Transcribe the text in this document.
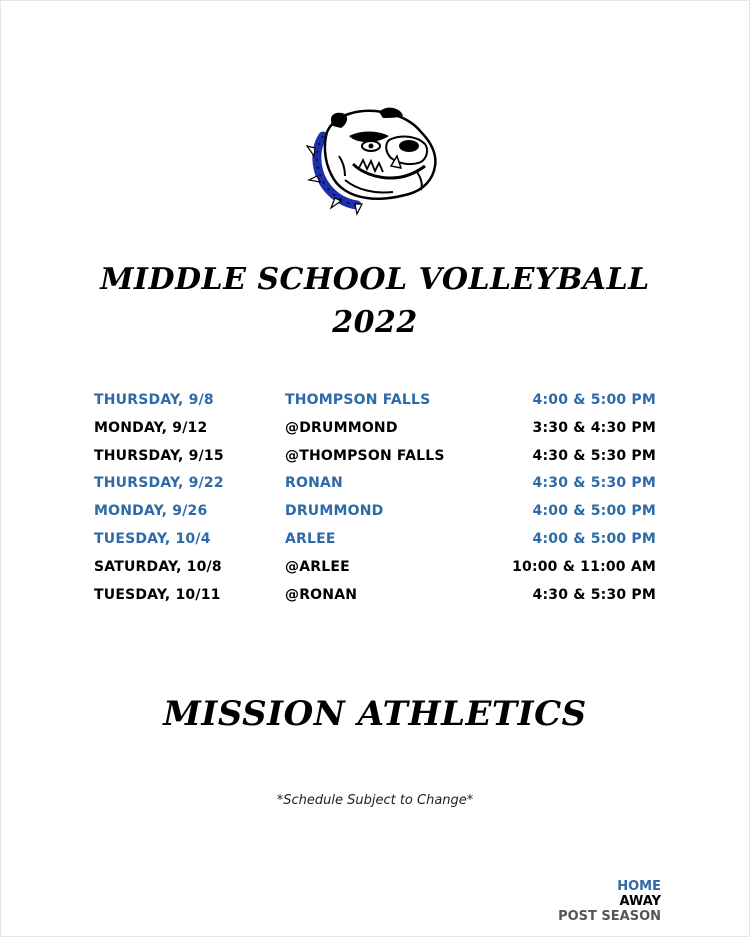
MIDDLE SCHOOL VOLLEYBALL
2022
THURSDAY, 9/8	THOMPSON FALLS	4:00 & 5:00 PM
MONDAY, 9/12	@DRUMMOND	3:30 & 4:30 PM
THURSDAY, 9/15	@THOMPSON FALLS	4:30 & 5:30 PM
THURSDAY, 9/22	RONAN	4:30 & 5:30 PM
MONDAY, 9/26	DRUMMOND	4:00 & 5:00 PM
TUESDAY, 10/4	ARLEE	4:00 & 5:00 PM
SATURDAY, 10/8	@ARLEE	10:00 & 11:00 AM
TUESDAY, 10/11	@RONAN	4:30 & 5:30 PM
MISSION ATHLETICS
*Schedule Subject to Change*
HOME
AWAY
POST SEASON
